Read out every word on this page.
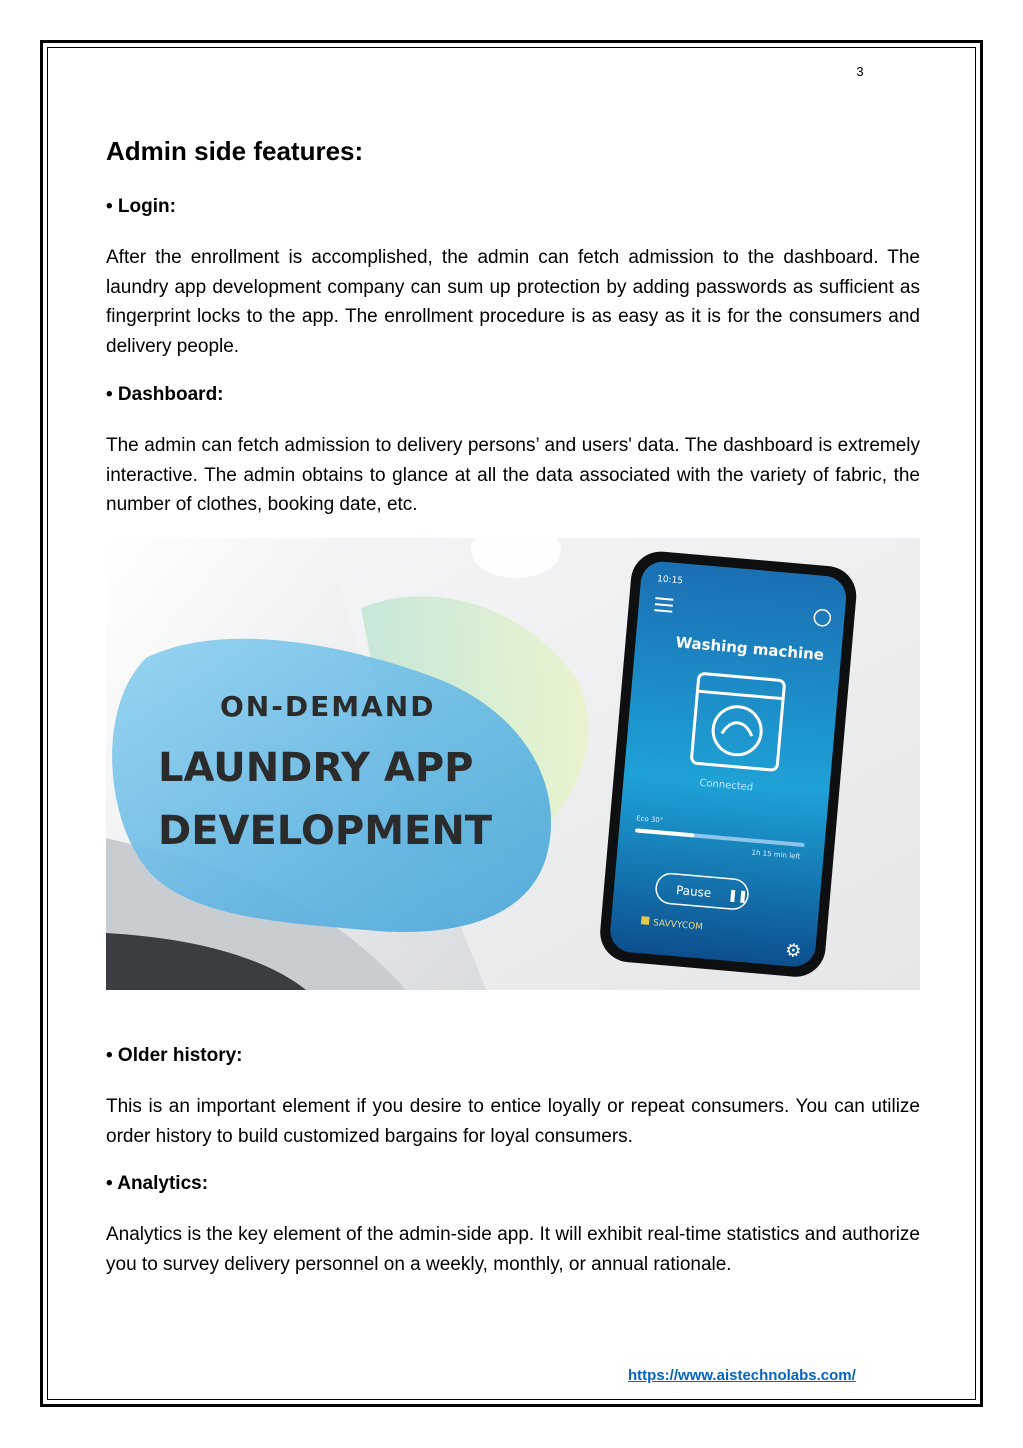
3
Admin side features:

• Login:

After the enrollment is accomplished, the admin can fetch admission to the dashboard. The laundry app development company can sum up protection by adding passwords as sufficient as fingerprint locks to the app. The enrollment procedure is as easy as it is for the consumers and delivery people.

• Dashboard:

The admin can fetch admission to delivery persons’ and users' data. The dashboard is extremely interactive. The admin obtains to glance at all the data associated with the variety of fabric, the number of clothes, booking date, etc.

ON-DEMAND
LAUNDRY APP
DEVELOPMENT
10:15
Washing machine
Connected
Eco 30°
1h 15 min left
Pause ❚❚
SAVVYCOM
⚙

• Older history:

This is an important element if you desire to entice loyally or repeat consumers. You can utilize order history to build customized bargains for loyal consumers.

• Analytics:

Analytics is the key element of the admin-side app. It will exhibit real-time statistics and authorize you to survey delivery personnel on a weekly, monthly, or annual rationale.

https://www.aistechnolabs.com/
